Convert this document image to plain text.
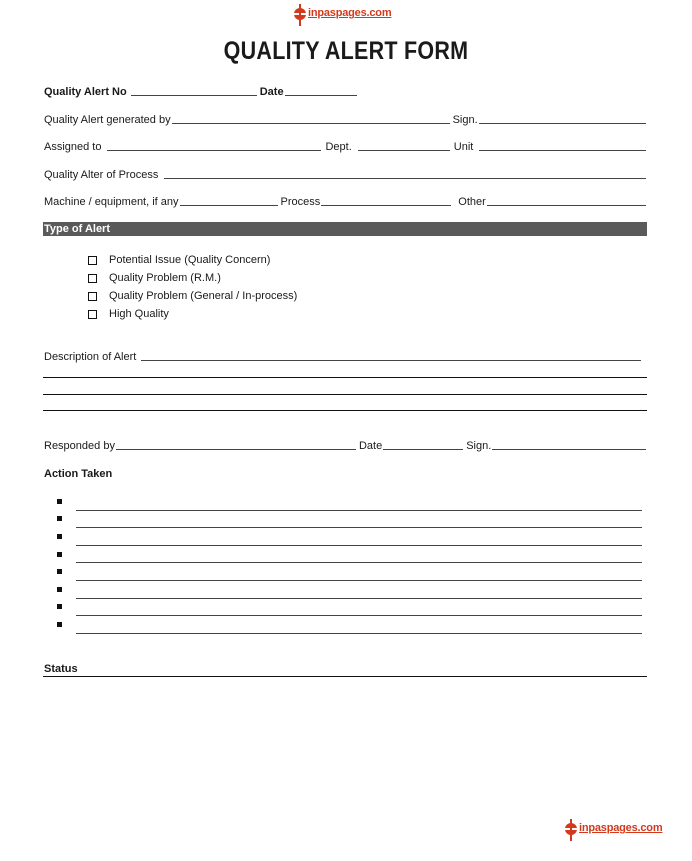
inpaspages.com
QUALITY ALERT FORM
Quality Alert No	Date
Quality Alert generated by	Sign.
Assigned to	Dept.	Unit
Quality Alter of Process
Machine / equipment, if any	Process	Other
Type of Alert
Potential Issue (Quality Concern)
Quality Problem (R.M.)
Quality Problem (General / In-process)
High Quality
Description of Alert
Responded by	Date	Sign.
Action Taken
Status
inpaspages.com
